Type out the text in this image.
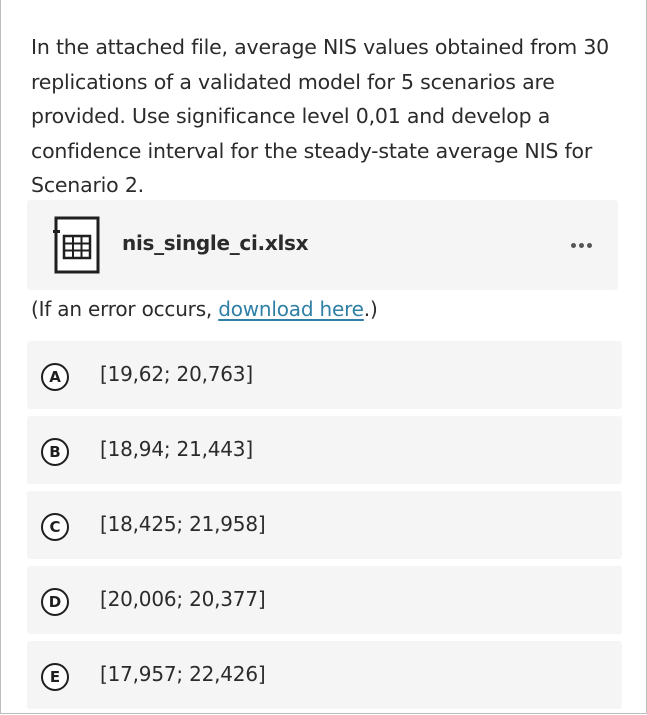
In the attached file, average NIS values obtained from 30 replications of a validated model for 5 scenarios are provided. Use significance level 0,01 and develop a confidence interval for the steady-state average NIS for Scenario 2.

nis_single_ci.xlsx
(If an error occurs, download here.)
A	[19,62; 20,763]
B	[18,94; 21,443]
C	[18,425; 21,958]
D	[20,006; 20,377]
E	[17,957; 22,426]
